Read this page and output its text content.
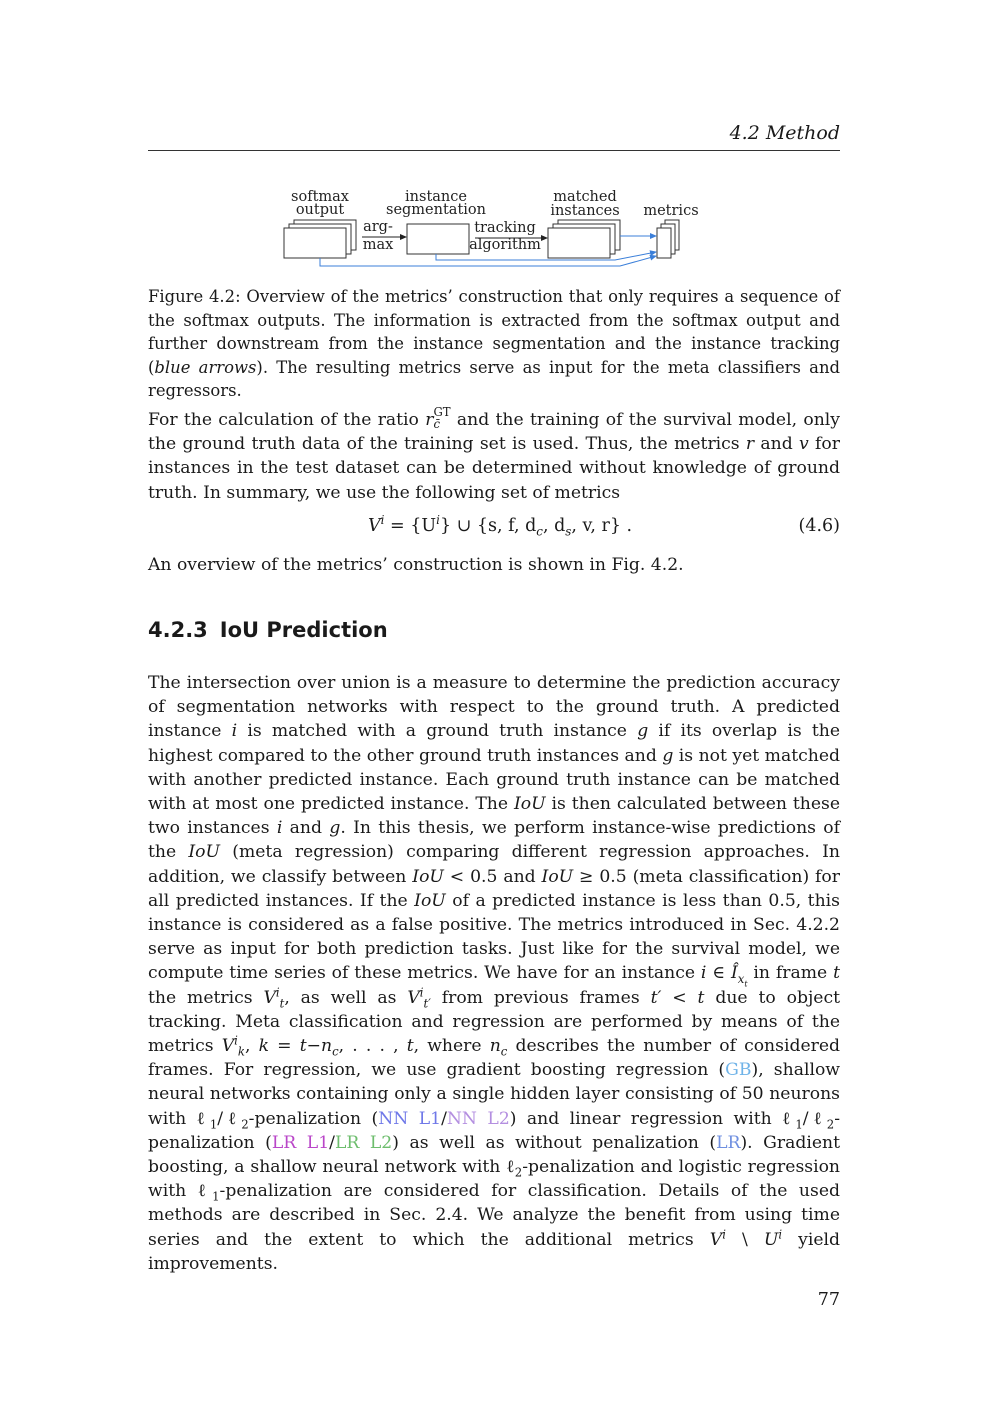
4.2 Method
softmax
output
instance
segmentation
matched
instances metrics
arg-
max
tracking
algorithm
Figure 4.2: Overview of the metrics’ construction that only requires a sequence of the softmax outputs. The information is extracted from the softmax output and further downstream from the instance segmentation and the instance tracking (blue arrows). The resulting metrics serve as input for the meta classifiers and regressors.
For the calculation of the ratio r GT
c̄ and the training of the survival model, only the ground truth data of the training set is used. Thus, the metrics r and v for instances in the test dataset can be determined without knowledge of ground truth. In summary, we use the following set of metrics
$V^i = \{U^i\}$ ∪ {s, f, $d_c$, $d_s$, v, r} .	(4.6)
An overview of the metrics’ construction is shown in Fig. 4.2.
4.2.3 IoU Prediction
The intersection over union is a measure to determine the prediction accuracy of segmentation networks with respect to the ground truth. A predicted instance i is matched with a ground truth instance g if its overlap is the highest compared to the other ground truth instances and g is not yet matched with another predicted instance. Each ground truth instance can be matched with at most one predicted instance. The IoU is then calculated between these two instances i and g. In this thesis, we perform instance-wise predictions of the IoU (meta regression) comparing different regression approaches. In addition, we classify between IoU < 0.5 and IoU ≥ 0.5 (meta classification) for all predicted instances. If the IoU of a predicted instance is less than 0.5, this instance is considered as a false positive. The metrics introduced in Sec. 4.2.2 serve as input for both prediction tasks. Just like for the survival model, we compute time series of these metrics. We have for an instance i ∈ $Î_{x_t}$ in frame t the metrics $V^i_t$, as well as $V^i_{t'}$ from previous frames t′ < t due to object tracking. Meta classification and regression are performed by means of the metrics $V^i_k$, $k = t-n_c$, . . . , t, where $n_c$ describes the number of considered frames. For regression, we use gradient boosting regression (GB), shallow neural networks containing only a single hidden layer consisting of 50 neurons with ℓ$_1$/ℓ$_2$-penalization (NN L1/NN L2) and linear regression with ℓ$_1$/ℓ$_2$-penalization (LR L1/LR L2) as well as without penalization (LR). Gradient boosting, a shallow neural network with ℓ$_2$-penalization and logistic regression with ℓ$_1$-penalization are considered for classification. Details of the used methods are described in Sec. 2.4. We analyze the benefit from using time series and the extent to which the additional metrics $V^i$ \ $U^i$ yield improvements.
77
